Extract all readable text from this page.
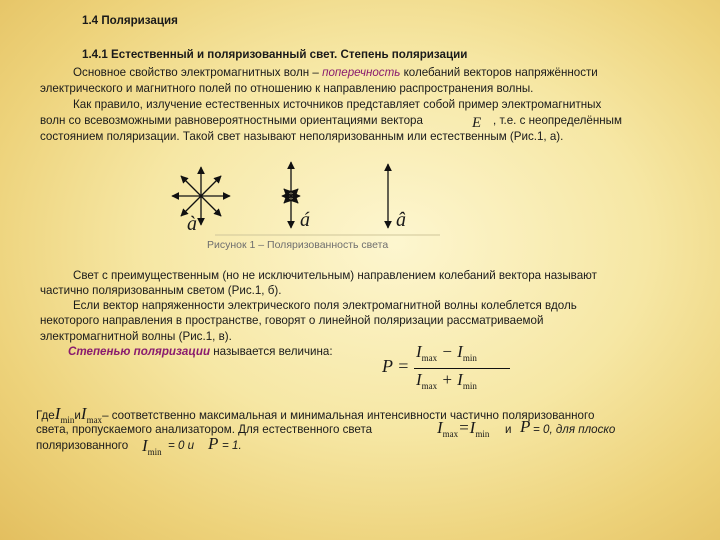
1.4 Поляризация
1.4.1 Естественный и поляризованный свет. Степень поляризации
Основное свойство электромагнитных волн – поперечность колебаний векторов напряжённости
электрического и магнитного полей по отношению к направлению распространения волны.
Как правило, излучение естественных источников представляет собой пример электромагнитных
волн со всевозможными равновероятностными ориентациями вектора	E , т.е. с неопределённым
состоянием поляризации. Такой свет называют неполяризованным или естественным (Рис.1, а).
à	á	â
Рисунок 1 – Поляризованность света
Свет с преимущественным (но не исключительным) направлением колебаний вектора называют
частично поляризованным светом (Рис.1, б).
Если вектор напряженности электрического поля электромагнитной волны колеблется вдоль
некоторого направления в пространстве, говорят о линейной поляризации рассматриваемой
электромагнитной волны (Рис.1, в).
Степенью поляризации называется величина:
P =
$I_{max} - I_{min}$
$I_{max} + I_{min}$
$ГдеI_{min}иI_{max}-$ соответственно максимальная и минимальная интенсивности частично поляризованного
света, пропускаемого анализатором. Для естественного света	$I_{max}=I_{min}$ и P = 0, для плоско
поляризованного $I_{min} = 0$ и P = 1.
